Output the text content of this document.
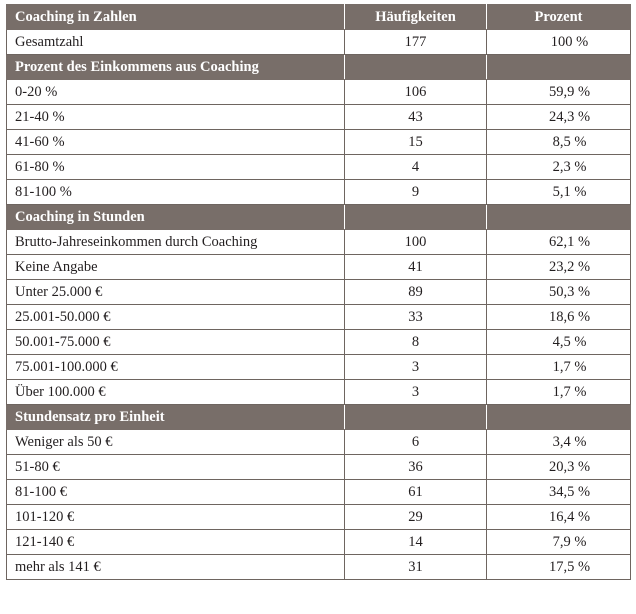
Coaching in Zahlen	Häufigkeiten	Prozent
Gesamtzahl	177	100 %
Prozent des Einkommens aus Coaching		
0-20 %	106	59,9 %
21-40 %	43	24,3 %
41-60 %	15	8,5 %
61-80 %	4	2,3 %
81-100 %	9	5,1 %
Coaching in Stunden		
Brutto-Jahreseinkommen durch Coaching	100	62,1 %
Keine Angabe	41	23,2 %
Unter 25.000 €	89	50,3 %
25.001-50.000 €	33	18,6 %
50.001-75.000 €	8	4,5 %
75.001-100.000 €	3	1,7 %
Über 100.000 €	3	1,7 %
Stundensatz pro Einheit		
Weniger als 50 €	6	3,4 %
51-80 €	36	20,3 %
81-100 €	61	34,5 %
101-120 €	29	16,4 %
121-140 €	14	7,9 %
mehr als 141 €	31	17,5 %
